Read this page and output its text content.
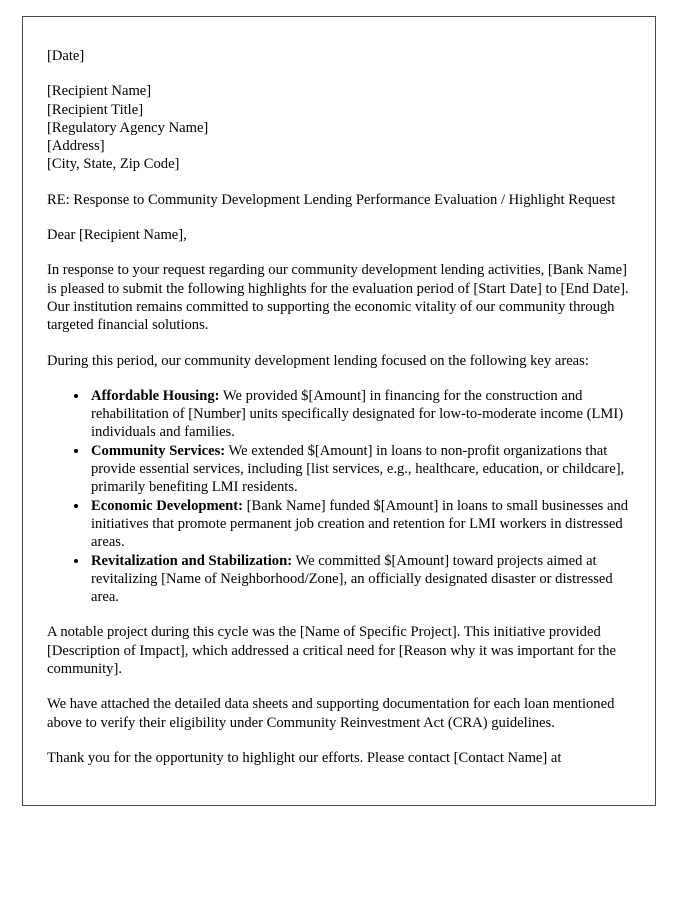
[Date]
[Recipient Name]
[Recipient Title]
[Regulatory Agency Name]
[Address]
[City, State, Zip Code]

RE: Response to Community Development Lending Performance Evaluation / Highlight Request

Dear [Recipient Name],

In response to your request regarding our community development lending activities, [Bank Name] is pleased to submit the following highlights for the evaluation period of [Start Date] to [End Date]. Our institution remains committed to supporting the economic vitality of our community through targeted financial solutions.

During this period, our community development lending focused on the following key areas:

• Affordable Housing: We provided $[Amount] in financing for the construction and rehabilitation of [Number] units specifically designated for low-to-moderate income (LMI) individuals and families.
• Community Services: We extended $[Amount] in loans to non-profit organizations that provide essential services, including [list services, e.g., healthcare, education, or childcare], primarily benefiting LMI residents.
• Economic Development: [Bank Name] funded $[Amount] in loans to small businesses and initiatives that promote permanent job creation and retention for LMI workers in distressed areas.
• Revitalization and Stabilization: We committed $[Amount] toward projects aimed at revitalizing [Name of Neighborhood/Zone], an officially designated disaster or distressed area.

A notable project during this cycle was the [Name of Specific Project]. This initiative provided [Description of Impact], which addressed a critical need for [Reason why it was important for the community].

We have attached the detailed data sheets and supporting documentation for each loan mentioned above to verify their eligibility under Community Reinvestment Act (CRA) guidelines.

Thank you for the opportunity to highlight our efforts. Please contact [Contact Name] at
